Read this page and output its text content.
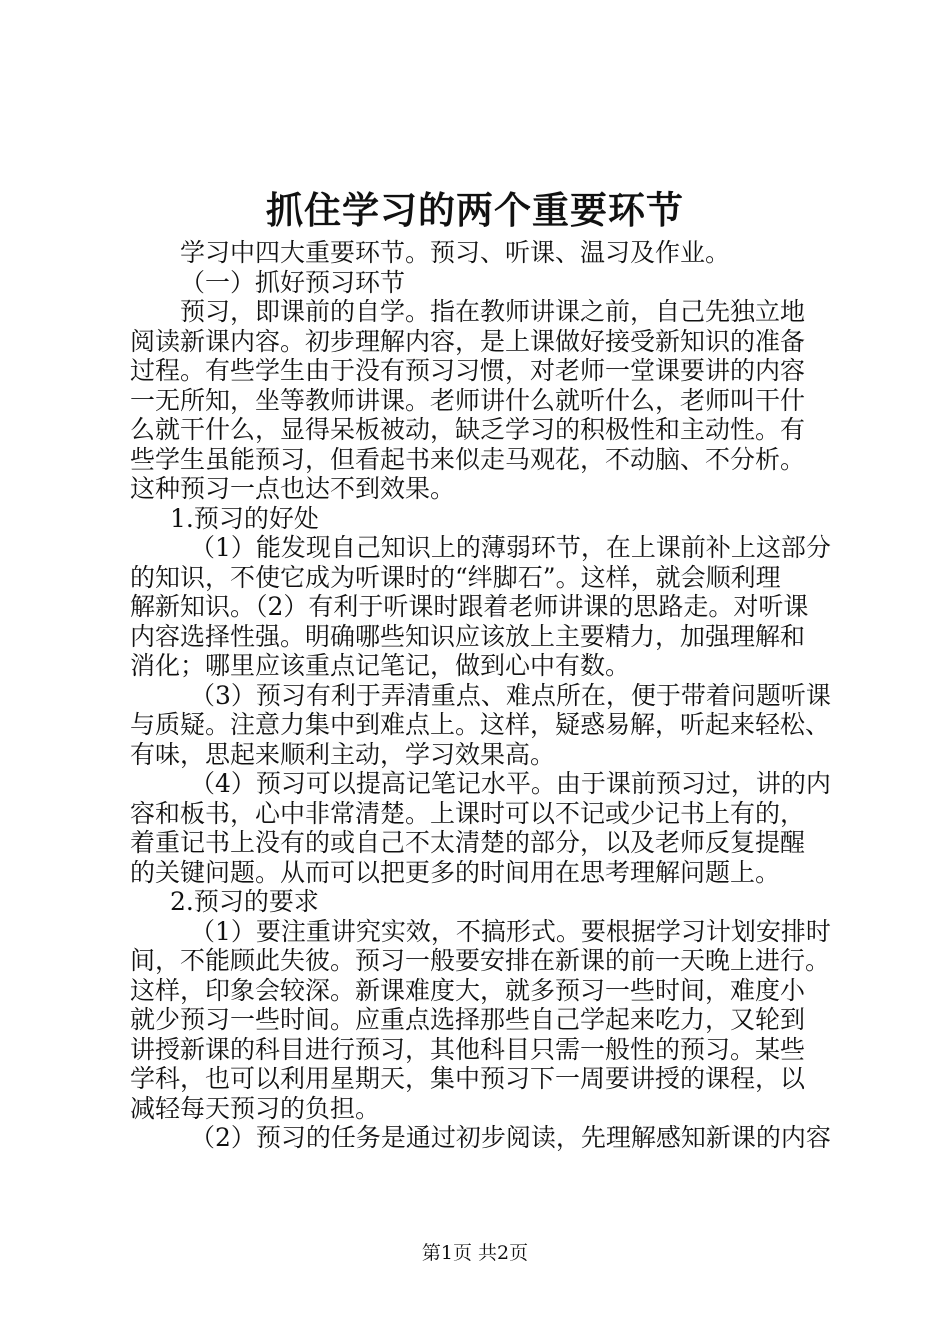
抓住学习的两个重要环节
学习中四大重要环节。预习、听课、温习及作业。
（一）抓好预习环节
预习，即课前的自学。指在教师讲课之前，自己先独立地
阅读新课内容。初步理解内容，是上课做好接受新知识的准备
过程。有些学生由于没有预习习惯，对老师一堂课要讲的内容
一无所知，坐等教师讲课。老师讲什么就听什么，老师叫干什
么就干什么，显得呆板被动，缺乏学习的积极性和主动性。有
些学生虽能预习，但看起书来似走马观花，不动脑、不分析。
这种预习一点也达不到效果。
1.预习的好处
（1）能发现自己知识上的薄弱环节，在上课前补上这部分
的知识，不使它成为听课时的“绊脚石”。这样，就会顺利理
解新知识。（2）有利于听课时跟着老师讲课的思路走。对听课
内容选择性强。明确哪些知识应该放上主要精力，加强理解和
消化；哪里应该重点记笔记，做到心中有数。
（3）预习有利于弄清重点、难点所在，便于带着问题听课
与质疑。注意力集中到难点上。这样，疑惑易解，听起来轻松、
有味，思起来顺利主动，学习效果高。
（4）预习可以提高记笔记水平。由于课前预习过，讲的内
容和板书，心中非常清楚。上课时可以不记或少记书上有的，
着重记书上没有的或自己不太清楚的部分，以及老师反复提醒
的关键问题。从而可以把更多的时间用在思考理解问题上。
2.预习的要求
（1）要注重讲究实效，不搞形式。要根据学习计划安排时
间，不能顾此失彼。预习一般要安排在新课的前一天晚上进行。
这样，印象会较深。新课难度大，就多预习一些时间，难度小
就少预习一些时间。应重点选择那些自己学起来吃力，又轮到
讲授新课的科目进行预习，其他科目只需一般性的预习。某些
学科，也可以利用星期天，集中预习下一周要讲授的课程，以
减轻每天预习的负担。
（2）预习的任务是通过初步阅读，先理解感知新课的内容
第1页 共2页
